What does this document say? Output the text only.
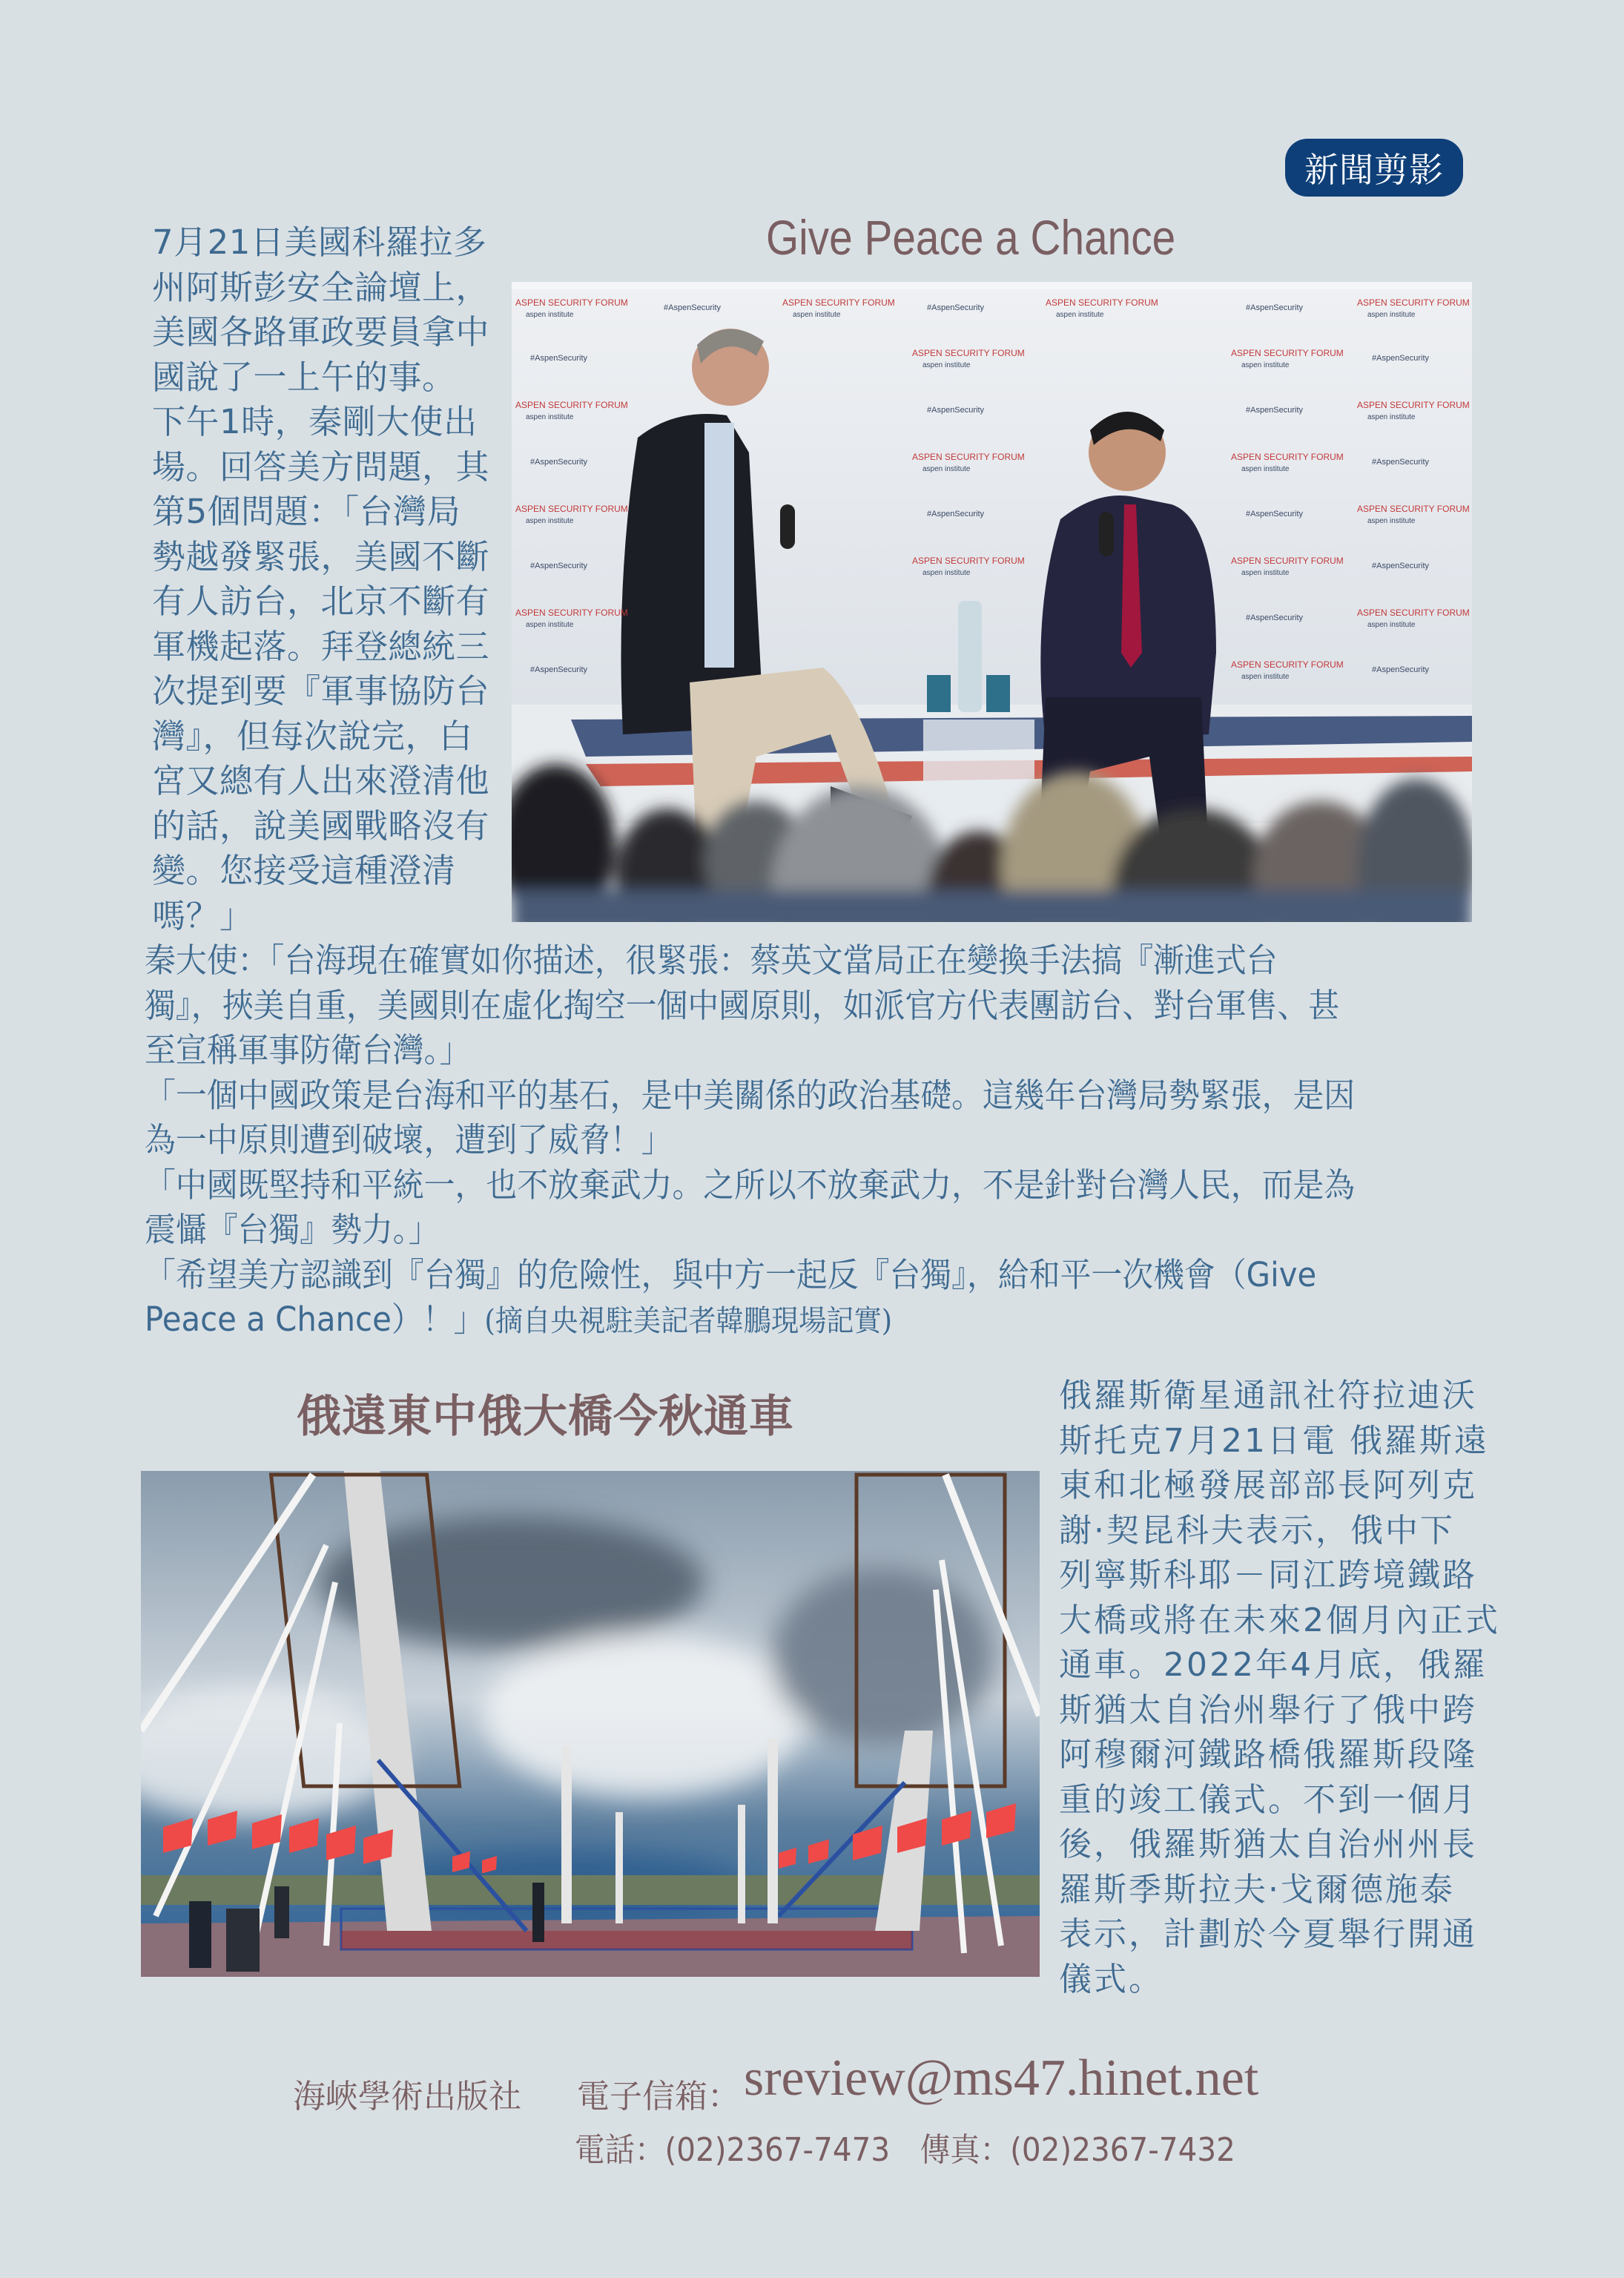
新聞剪影
Give Peace a Chance
7月21日美國科羅拉多
州阿斯彭安全論壇上，
美國各路軍政要員拿中
國說了一上午的事。
下午1時，秦剛大使出
場。回答美方問題，其
第5個問題：「台灣局
勢越發緊張，美國不斷
有人訪台，北京不斷有
軍機起落。拜登總統三
次提到要『軍事協防台
灣』，但每次說完，白
宮又總有人出來澄清他
的話，說美國戰略沒有
變。您接受這種澄清
嗎？」
ASPEN SECURITY FORUM
aspen institute
#AspenSecurity	ASPEN SECURITY FORUM
aspen institute
#AspenSecurity	ASPEN SECURITY FORUM
aspen institute
#AspenSecurity	ASPEN SECURITY FORUM
aspen institute
#AspenSecurity
ASPEN SECURITY FORUM
aspen institute
#AspenSecurity
ASPEN SECURITY FORUM
aspen institute
#AspenSecurity
ASPEN SECURITY FORUM
aspen institute
#AspenSecurity
ASPEN SECURITY FORUM
aspen institute
#AspenSecurity
ASPEN SECURITY FORUM
aspen institute
#AspenSecurity
ASPEN SECURITY FORUM
aspen institute
#AspenSecurity
ASPEN SECURITY FORUM
aspen institute
#AspenSecurity
ASPEN SECURITY FORUM
aspen institute
#AspenSecurity
ASPEN SECURITY FORUM
aspen institute
#AspenSecurity
ASPEN SECURITY FORUM
aspen institute
#AspenSecurity
ASPEN SECURITY FORUM
aspen institute
#AspenSecurity
ASPEN SECURITY FORUM
aspen institute
#AspenSecurity
ASPEN SECURITY FORUM
aspen institute
秦大使：「台海現在確實如你描述，很緊張：蔡英文當局正在變換手法搞『漸進式台
獨』，挾美自重，美國則在虛化掏空一個中國原則，如派官方代表團訪台、對台軍售、甚
至宣稱軍事防衛台灣。」
「一個中國政策是台海和平的基石，是中美關係的政治基礎。這幾年台灣局勢緊張，是因
為一中原則遭到破壞，遭到了威脅！」
「中國既堅持和平統一，也不放棄武力。之所以不放棄武力，不是針對台灣人民，而是為
震懾『台獨』勢力。」
「希望美方認識到『台獨』的危險性，與中方一起反『台獨』，給和平一次機會（Give
Peace a Chance）！」(摘自央視駐美記者韓鵬現場記實)
俄遠東中俄大橋今秋通車	俄羅斯衛星通訊社符拉迪沃
斯托克7月21日電 俄羅斯遠
東和北極發展部部長阿列克
謝·契昆科夫表示，俄中下
列寧斯科耶－同江跨境鐵路
大橋或將在未來2個月內正式
通車。2022年4月底，俄羅
斯猶太自治州舉行了俄中跨
阿穆爾河鐵路橋俄羅斯段隆
重的竣工儀式。不到一個月
後，俄羅斯猶太自治州州長
羅斯季斯拉夫·戈爾德施泰
表示，計劃於今夏舉行開通
儀式。
海峽學術出版社 電子信箱： sreview@ms47.hinet.net
電話：(02)2367-7473　傳真：(02)2367-7432
